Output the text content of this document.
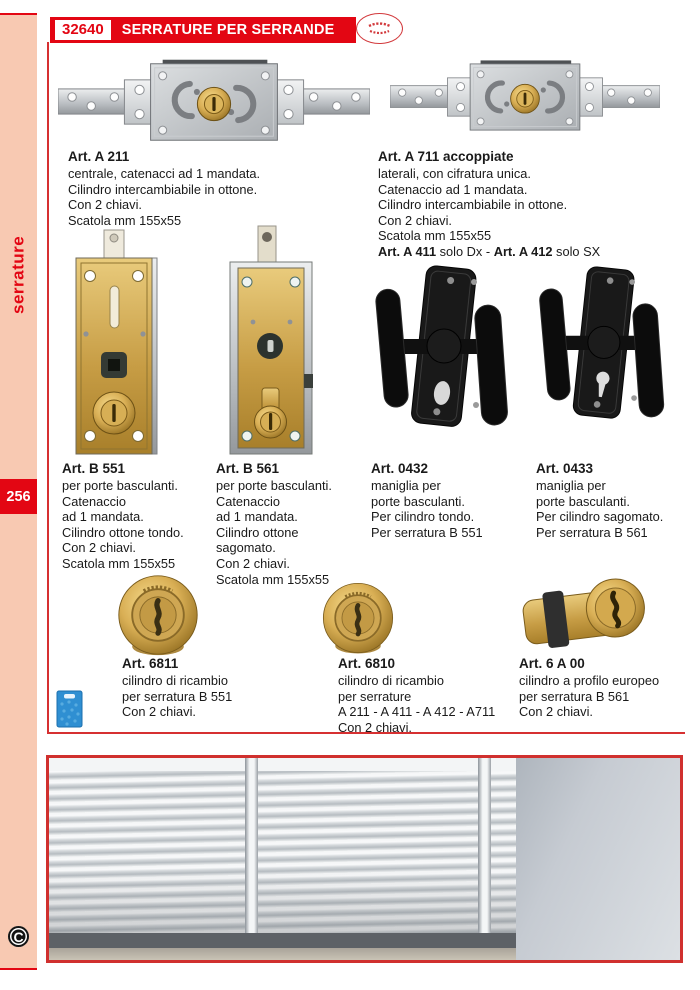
serrature
256
C
32640	SERRATURE PER SERRANDE
Art. A 211
centrale, catenacci ad 1 mandata.
Cilindro intercambiabile in ottone.
Con 2 chiavi.
Scatola mm 155x55
Art. A 711 accoppiate
laterali, con cifratura unica.
Catenaccio ad 1 mandata.
Cilindro intercambiabile in ottone.
Con 2 chiavi.
Scatola mm 155x55
Art. A 411 solo Dx - Art. A 412 solo SX
Art. B 551
per porte basculanti.
Catenaccio
ad 1 mandata.
Cilindro ottone tondo.
Con 2 chiavi.
Scatola mm 155x55
Art. B 561
per porte basculanti.
Catenaccio
ad 1 mandata.
Cilindro ottone
sagomato.
Con 2 chiavi.
Scatola mm 155x55
Art. 0432
maniglia per
porte basculanti.
Per cilindro tondo.
Per serratura B 551
Art. 0433
maniglia per
porte basculanti.
Per cilindro sagomato.
Per serratura B 561
Art. 6811
cilindro di ricambio
per serratura B 551
Con 2 chiavi.
Art. 6810
cilindro di ricambio
per serrature
A 211 - A 411 - A 412 - A711
Con 2 chiavi.
Art. 6 A 00
cilindro a profilo europeo
per serratura B 561
Con 2 chiavi.
